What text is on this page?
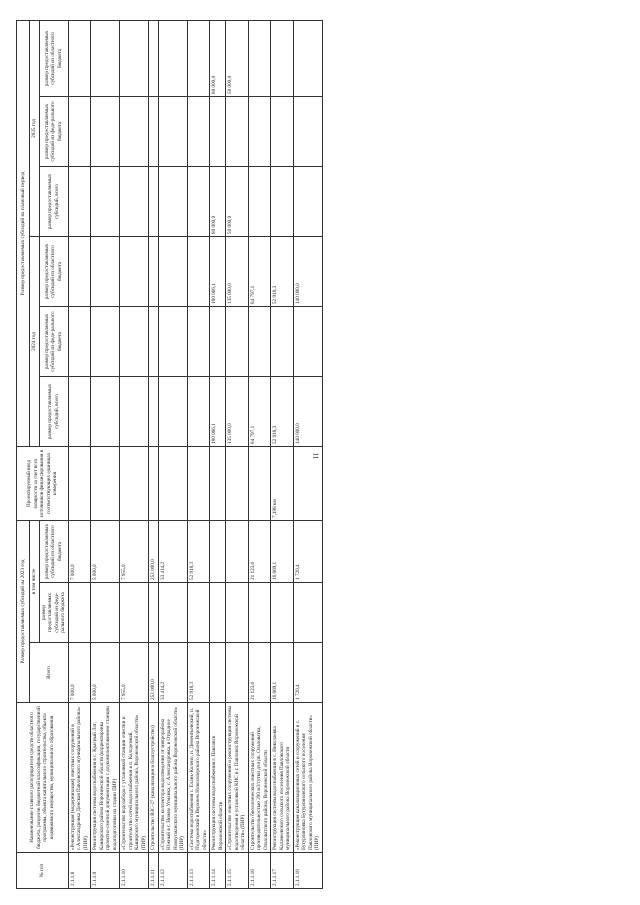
11
№ п/п	Наименование главного распорядителя средств областного бюджета, разделов бюджетной классификации, государственной программы, объекта капитального строительства, объекта недвижимого имущества, муниципального образования	Размер предоставляемых субсидий на 2023 год			Проектируемый ввод мощности за счет всех источников финансирования в соответствующих единицах измерения	Размер предоставляемых субсидий на плановый период					
		Всего	в том числе			2024 год			2025 год		
			размер предоставляемых субсидий из феде-рального бюджета	размер предоставляемых субсидий из областного бюджета		размер предоставляемых субсидий, всего	размер предоставляемых субсидий из феде-рального бюджета	размер предоставляемых субсидий из областного бюджета	размер предоставляемых субсидий, всего	размер предоставляемых субсидий из феде-рального бюджета	размер предоставляемых субсидий из областного бюджета
2.1.1.8	«Реконструкция (модернизация) очистных сооружений в с.Александровка Донская Павловского муниципального района» (ПИР)	7 000,0		7 000,0							
2.1.1.9	Реконструкция системы водоснабжения в с. Красный Лог, Каширского района Воронежской области (корректировка проектно-сметной документации с доукомплектованием станции водоподготовки на стадии ПИР)	5 000,0		5 000,0							
2.1.1.10	«Строительство водозабора с установкой станции очистки и строительство сетей водоснабжения в п. Колодезный, Каширского муниципального района, Воронежской области» (ПИР)	7 955,0		7 955,0							
2.1.1.11	Строительство ВЗС-27 (канализация и благоустройство)	253 000,0		253 000,0							
2.1.1.12	«Строительство коллектора водоотведения от микрорайона Южный в г. Нижне Усманка, с. Александровка, в Отрадное Новоусманского муниципального района Воронежской области» (ПИР)	33 414,2		33 414,2							
2.1.1.13	«Система водоснабжения с. Елань-Колено, п. Дементьевский, п. Подгоренский в Верхнем Новохоперского района Воронежской области»	52 918,3		52 918,3							
2.1.1.14	Реконструкция системы водоснабжения г. Павловск Воронежской области					180 066,1		180 066,1	80 000,0		80 000,0
2.1.1.15	«Строительство очистных сооружений и реконструкция системы водоотведения и установкой КНС в г. Павловск Воронежской области» (ПИР)					135 000,0		135 000,0	50 000,0		50 000,0
2.1.1.16	Строительство биологических очистных сооружений производительностью 200 м3/сутки для рп. Ольховатка, Ольховатского района, Воронежской области	21 123,6		21 123,6		84 797,1		84 797,1			
2.1.1.17	Реконструкция системы водоснабжения в с. Николаевка Калачеевского сельского поселения Павловского муниципального района Воронежской области	16 869,1		16 869,1	7,198 км	52 918,3		52 918,3			
2.1.1.18	«Реконструкция канализационных сетей и сооружений в с. Бутурлиновка Бутурлиновского сельского поселения Павловского муниципального района Воронежской области» (ПИР)	1 720,4		1 720,4		140 000,0		140 000,0			
